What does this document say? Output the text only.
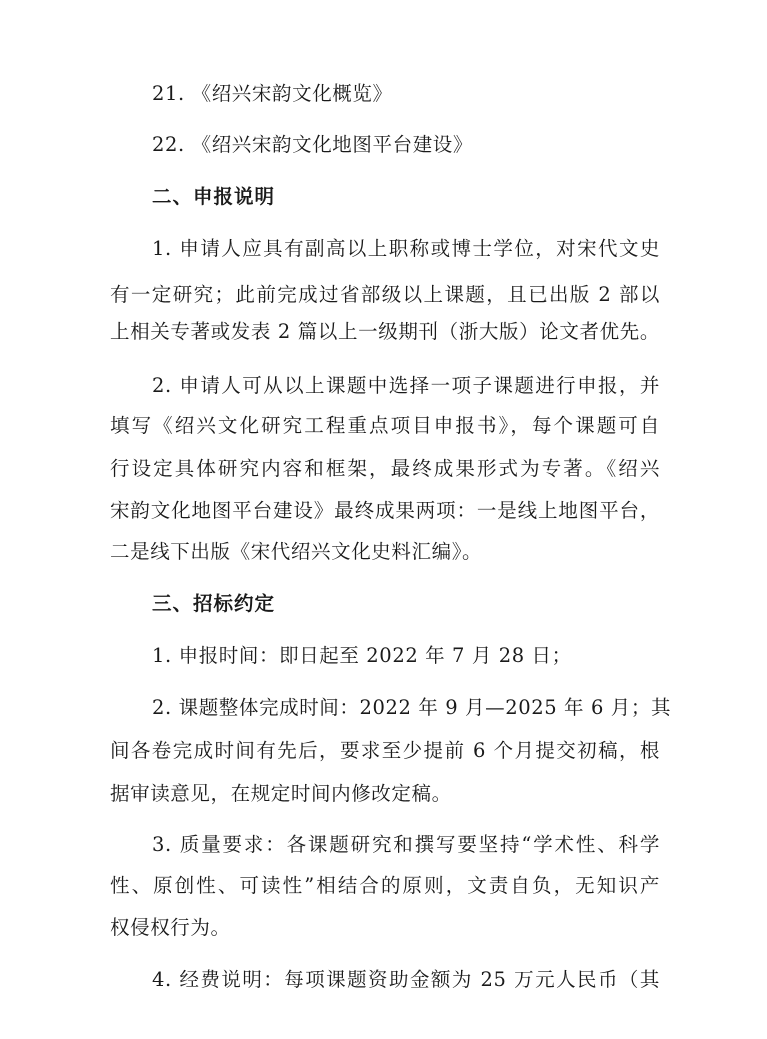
21. 《绍兴宋韵文化概览》
22. 《绍兴宋韵文化地图平台建设》
二、申报说明
1. 申请人应具有副高以上职称或博士学位，对宋代文史
有一定研究；此前完成过省部级以上课题，且已出版 2 部以
上相关专著或发表 2 篇以上一级期刊（浙大版）论文者优先。
2. 申请人可从以上课题中选择一项子课题进行申报，并
填写《绍兴文化研究工程重点项目申报书》，每个课题可自
行设定具体研究内容和框架，最终成果形式为专著。《绍兴
宋韵文化地图平台建设》最终成果两项：一是线上地图平台，
二是线下出版《宋代绍兴文化史料汇编》。
三、招标约定
1. 申报时间：即日起至 2022 年 7 月 28 日；
2. 课题整体完成时间：2022 年 9 月—2025 年 6 月；其
间各卷完成时间有先后，要求至少提前 6 个月提交初稿，根
据审读意见，在规定时间内修改定稿。
3. 质量要求：各课题研究和撰写要坚持“学术性、科学
性、原创性、可读性”相结合的原则，文责自负，无知识产
权侵权行为。
4. 经费说明：每项课题资助金额为 25 万元人民币（其
